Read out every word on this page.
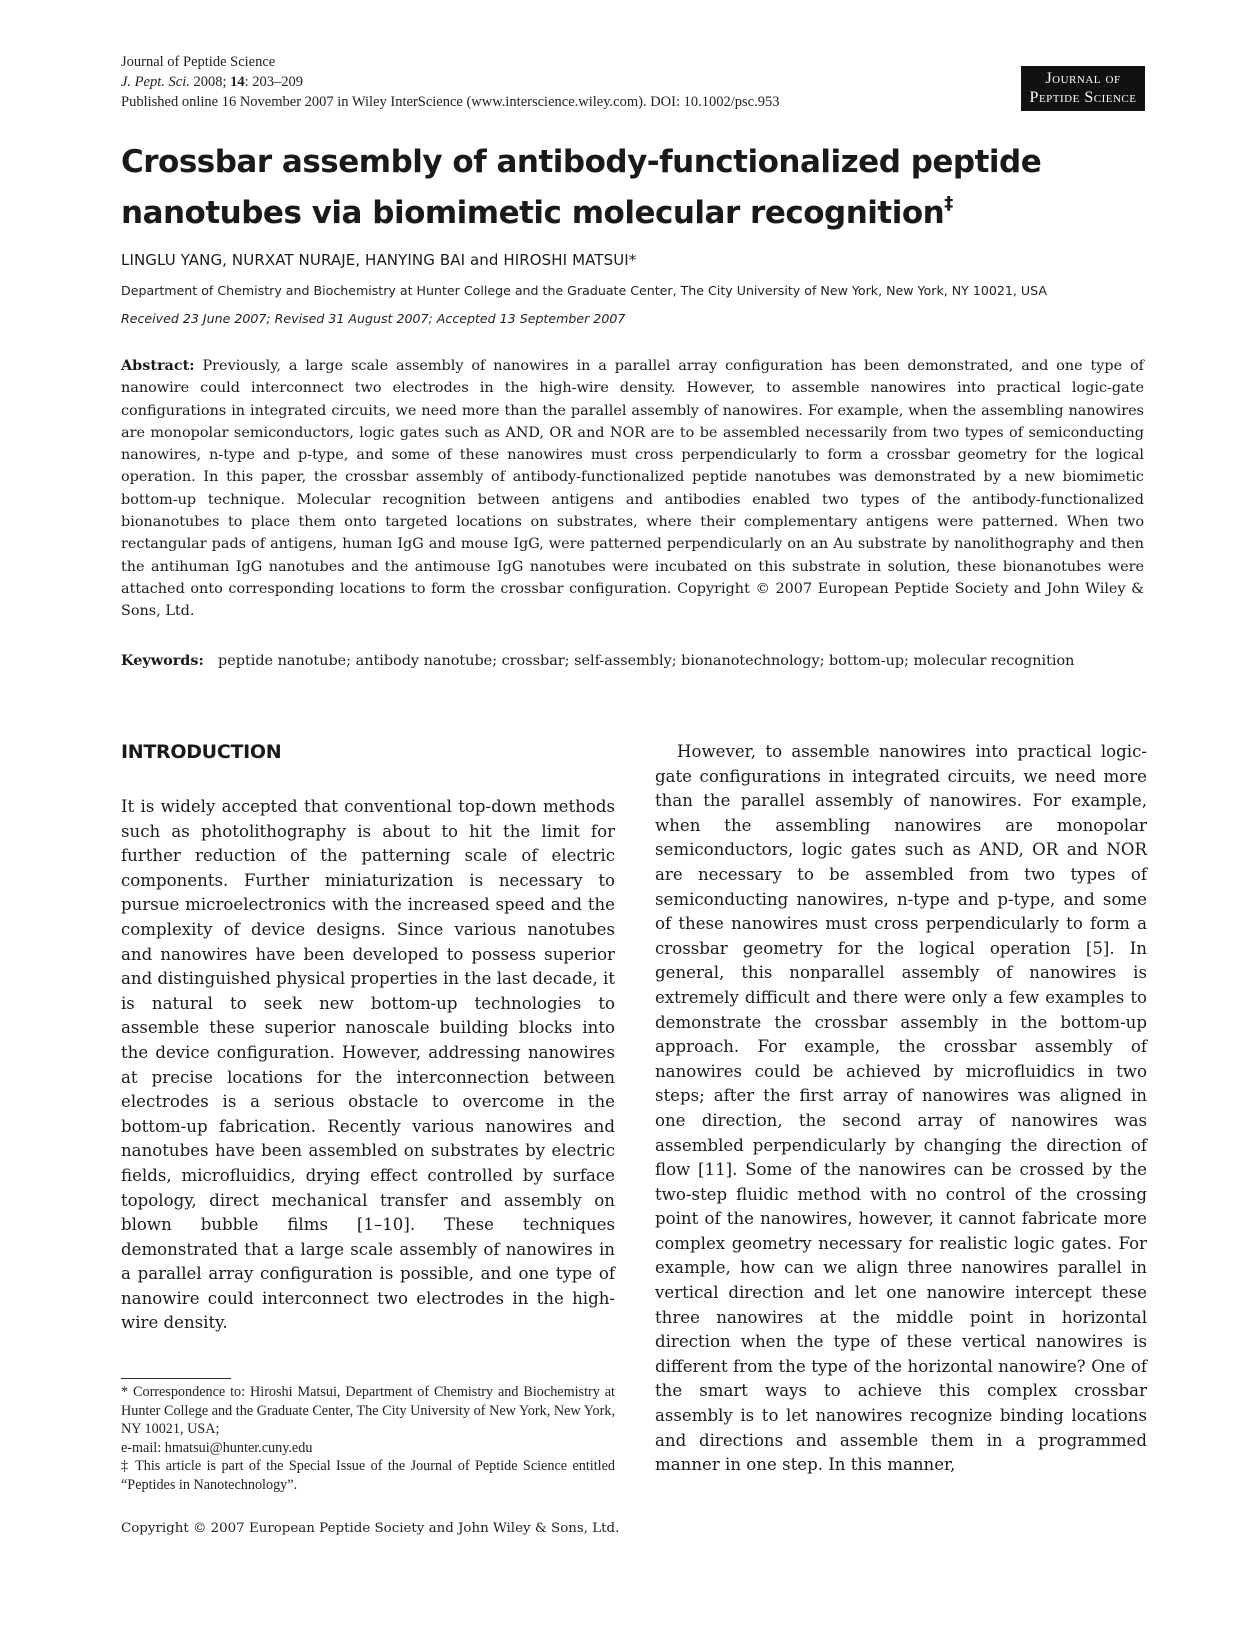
Journal of Peptide Science
J. Pept. Sci. 2008; 14: 203–209
Published online 16 November 2007 in Wiley InterScience (www.interscience.wiley.com). DOI: 10.1002/psc.953
Journal of
Peptide Science
Crossbar assembly of antibody-functionalized peptide nanotubes via biomimetic molecular recognition‡
LINGLU YANG, NURXAT NURAJE, HANYING BAI and HIROSHI MATSUI*
Department of Chemistry and Biochemistry at Hunter College and the Graduate Center, The City University of New York, New York, NY 10021, USA
Received 23 June 2007; Revised 31 August 2007; Accepted 13 September 2007
Abstract: Previously, a large scale assembly of nanowires in a parallel array configuration has been demonstrated, and one type of nanowire could interconnect two electrodes in the high-wire density. However, to assemble nanowires into practical logic-gate configurations in integrated circuits, we need more than the parallel assembly of nanowires. For example, when the assembling nanowires are monopolar semiconductors, logic gates such as AND, OR and NOR are to be assembled necessarily from two types of semiconducting nanowires, n-type and p-type, and some of these nanowires must cross perpendicularly to form a crossbar geometry for the logical operation. In this paper, the crossbar assembly of antibody-functionalized peptide nanotubes was demonstrated by a new biomimetic bottom-up technique. Molecular recognition between antigens and antibodies enabled two types of the antibody-functionalized bionanotubes to place them onto targeted locations on substrates, where their complementary antigens were patterned. When two rectangular pads of antigens, human IgG and mouse IgG, were patterned perpendicularly on an Au substrate by nanolithography and then the antihuman IgG nanotubes and the antimouse IgG nanotubes were incubated on this substrate in solution, these bionanotubes were attached onto corresponding locations to form the crossbar configuration. Copyright © 2007 European Peptide Society and John Wiley & Sons, Ltd.
Keywords: peptide nanotube; antibody nanotube; crossbar; self-assembly; bionanotechnology; bottom-up; molecular recognition
INTRODUCTION

It is widely accepted that conventional top-down methods such as photolithography is about to hit the limit for further reduction of the patterning scale of electric components. Further miniaturization is necessary to pursue microelectronics with the increased speed and the complexity of device designs. Since various nanotubes and nanowires have been developed to possess superior and distinguished physical properties in the last decade, it is natural to seek new bottom-up technologies to assemble these superior nanoscale building blocks into the device configuration. However, addressing nanowires at precise locations for the interconnection between electrodes is a serious obstacle to overcome in the bottom-up fabrication. Recently various nanowires and nanotubes have been assembled on substrates by electric fields, microfluidics, drying effect controlled by surface topology, direct mechanical transfer and assembly on blown bubble films [1–10]. These techniques demonstrated that a large scale assembly of nanowires in a parallel array configuration is possible, and one type of nanowire could interconnect two electrodes in the high-wire density.

However, to assemble nanowires into practical logic-gate configurations in integrated circuits, we need more than the parallel assembly of nanowires. For example, when the assembling nanowires are monopolar semiconductors, logic gates such as AND, OR and NOR are necessary to be assembled from two types of semiconducting nanowires, n-type and p-type, and some of these nanowires must cross perpendicularly to form a crossbar geometry for the logical operation [5]. In general, this nonparallel assembly of nanowires is extremely difficult and there were only a few examples to demonstrate the crossbar assembly in the bottom-up approach. For example, the crossbar assembly of nanowires could be achieved by microfluidics in two steps; after the first array of nanowires was aligned in one direction, the second array of nanowires was assembled perpendicularly by changing the direction of flow [11]. Some of the nanowires can be crossed by the two-step fluidic method with no control of the crossing point of the nanowires, however, it cannot fabricate more complex geometry necessary for realistic logic gates. For example, how can we align three nanowires parallel in vertical direction and let one nanowire intercept these three nanowires at the middle point in horizontal direction when the type of these vertical nanowires is different from the type of the horizontal nanowire? One of the smart ways to achieve this complex crossbar assembly is to let nanowires recognize binding locations and directions and assemble them in a programmed manner in one step. In this manner,

* Correspondence to: Hiroshi Matsui, Department of Chemistry and Biochemistry at Hunter College and the Graduate Center, The City University of New York, New York, NY 10021, USA;

e-mail: hmatsui@hunter.cuny.edu

‡ This article is part of the Special Issue of the Journal of Peptide Science entitled “Peptides in Nanotechnology”.

Copyright © 2007 European Peptide Society and John Wiley & Sons, Ltd.
